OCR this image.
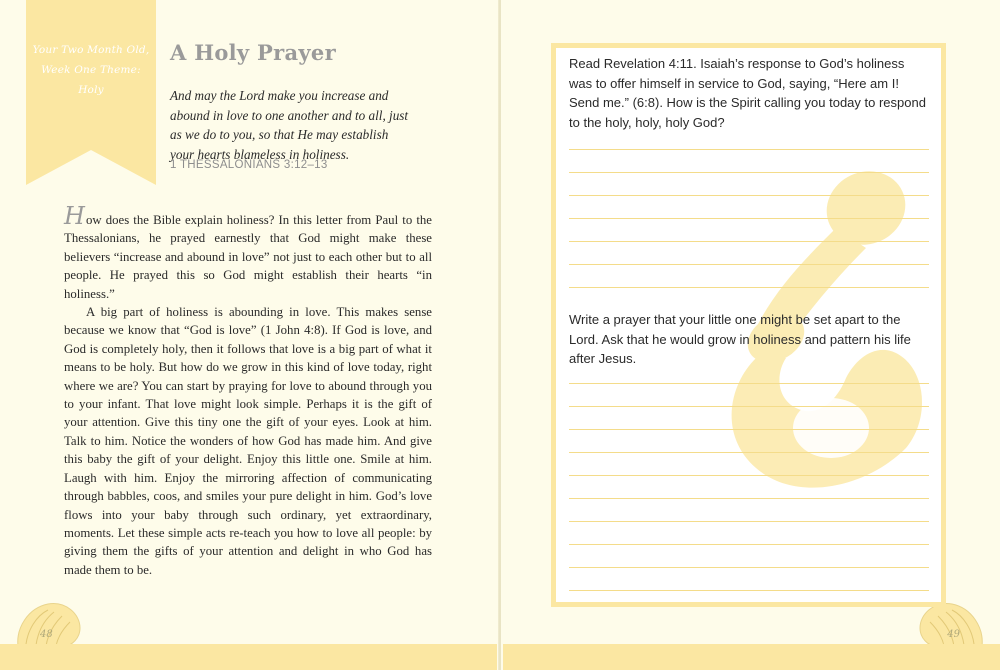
Your Two Month Old,
Week One Theme:
Holy
A Holy Prayer
And may the Lord make you increase and abound in love to one another and to all, just as we do to you, so that He may establish your hearts blameless in holiness.
1 THESSALONIANS 3:12–13

How does the Bible explain holiness? In this letter from Paul to the Thessalonians, he prayed earnestly that God might make these believers “increase and abound in love” not just to each other but to all people. He prayed this so God might establish their hearts “in holiness.”

A big part of holiness is abounding in love. This makes sense because we know that “God is love” (1 John 4:8). If God is love, and God is completely holy, then it follows that love is a big part of what it means to be holy. But how do we grow in this kind of love today, right where we are? You can start by praying for love to abound through you to your infant. That love might look simple. Perhaps it is the gift of your attention. Give this tiny one the gift of your eyes. Look at him. Talk to him. Notice the wonders of how God has made him. And give this baby the gift of your delight. Enjoy this little one. Smile at him. Laugh with him. Enjoy the mirroring affection of communicating through babbles, coos, and smiles your pure delight in him. God’s love flows into your baby through such ordinary, yet extraordinary, moments. Let these simple acts re-teach you how to love all people: by giving them the gifts of your attention and delight in who God has made them to be.

48	49
Read Revelation 4:11. Isaiah’s response to God’s holiness was to offer himself in service to God, saying, “Here am I! Send me.” (6:8). How is the Spirit calling you today to respond to the holy, holy, holy God?
Write a prayer that your little one might be set apart to the Lord. Ask that he would grow in holiness and pattern his life after Jesus.
